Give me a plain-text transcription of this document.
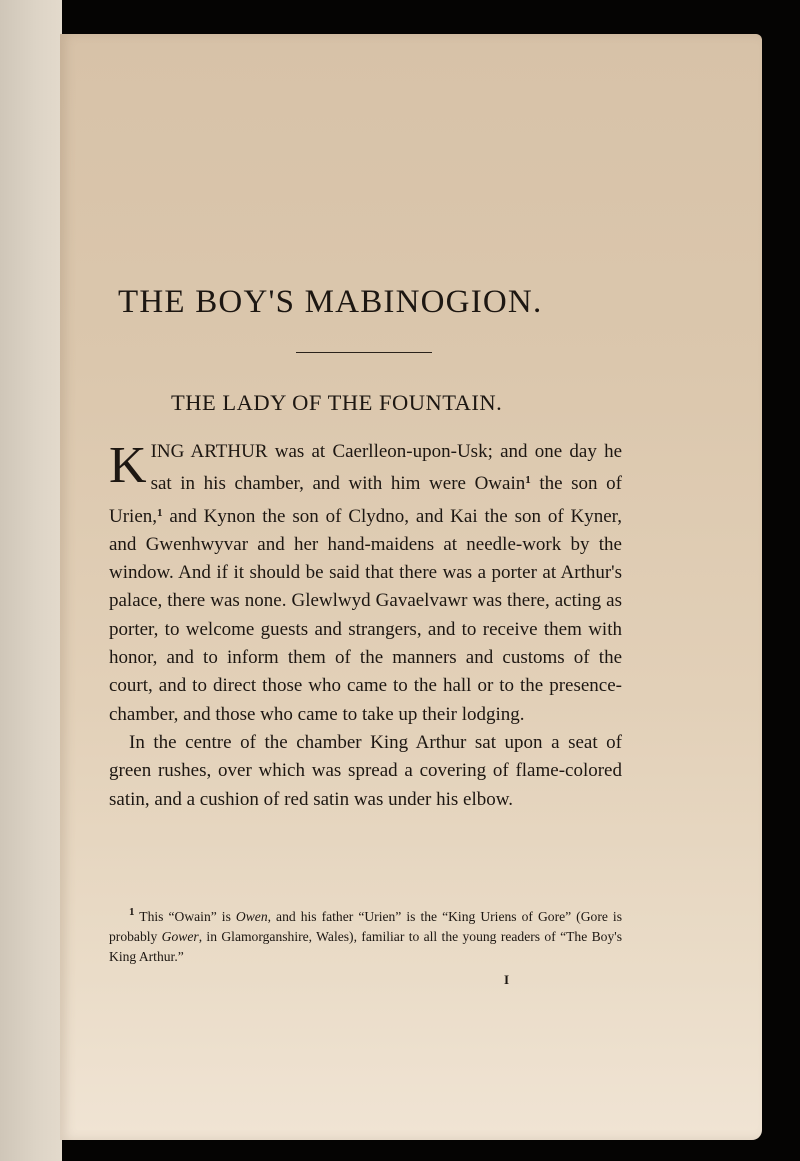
THE BOY'S MABINOGION.
THE LADY OF THE FOUNTAIN.

KING ARTHUR was at Caerlleon-upon-Usk; and one day he sat in his chamber, and with him were Owain$^1$ the son of Urien,$^1$ and Kynon the son of Clydno, and Kai the son of Kyner, and Gwenhwyvar and her hand-maidens at needle-work by the window. And if it should be said that there was a porter at Arthur's palace, there was none. Glewlwyd Gavaelvawr was there, acting as porter, to welcome guests and strangers, and to receive them with honor, and to inform them of the manners and customs of the court, and to direct those who came to the hall or to the presence-chamber, and those who came to take up their lodging.

In the centre of the chamber King Arthur sat upon a seat of green rushes, over which was spread a covering of flame-colored satin, and a cushion of red satin was under his elbow.

$^1$ This “Owain” is Owen, and his father “Urien” is the “King Uriens of Gore” (Gore is probably Gower, in Glamorganshire, Wales), familiar to all the young readers of “The Boy's King Arthur.”

I
